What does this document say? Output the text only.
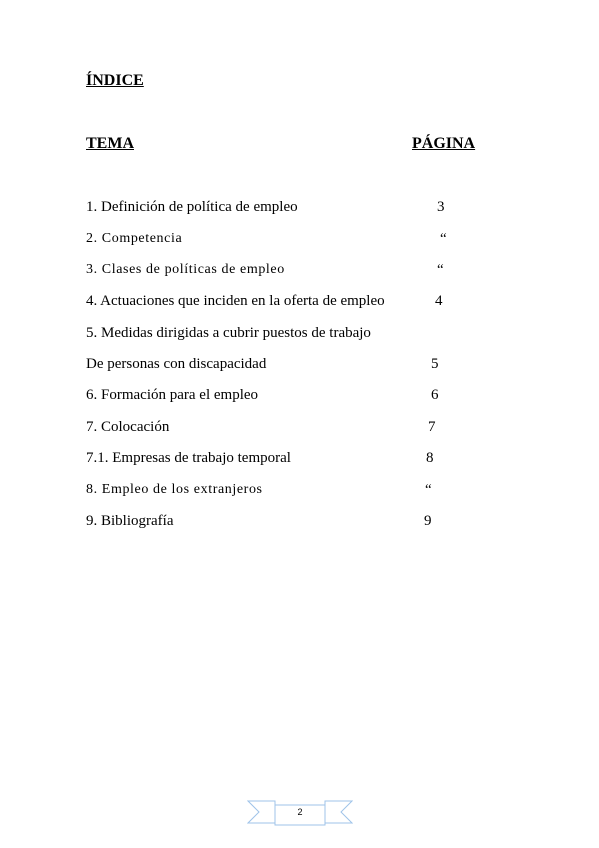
ÍNDICE
TEMA	PÁGINA
1. Definición de política de empleo	3
2. Competencia	“
3. Clases de políticas de empleo	“
4. Actuaciones que inciden en la oferta de empleo	4
5. Medidas dirigidas a cubrir puestos de trabajo
De personas con discapacidad	5
6. Formación para el empleo	6
7. Colocación	7
7.1. Empresas de trabajo temporal	8
8. Empleo de los extranjeros	“
9. Bibliografía	9
2
